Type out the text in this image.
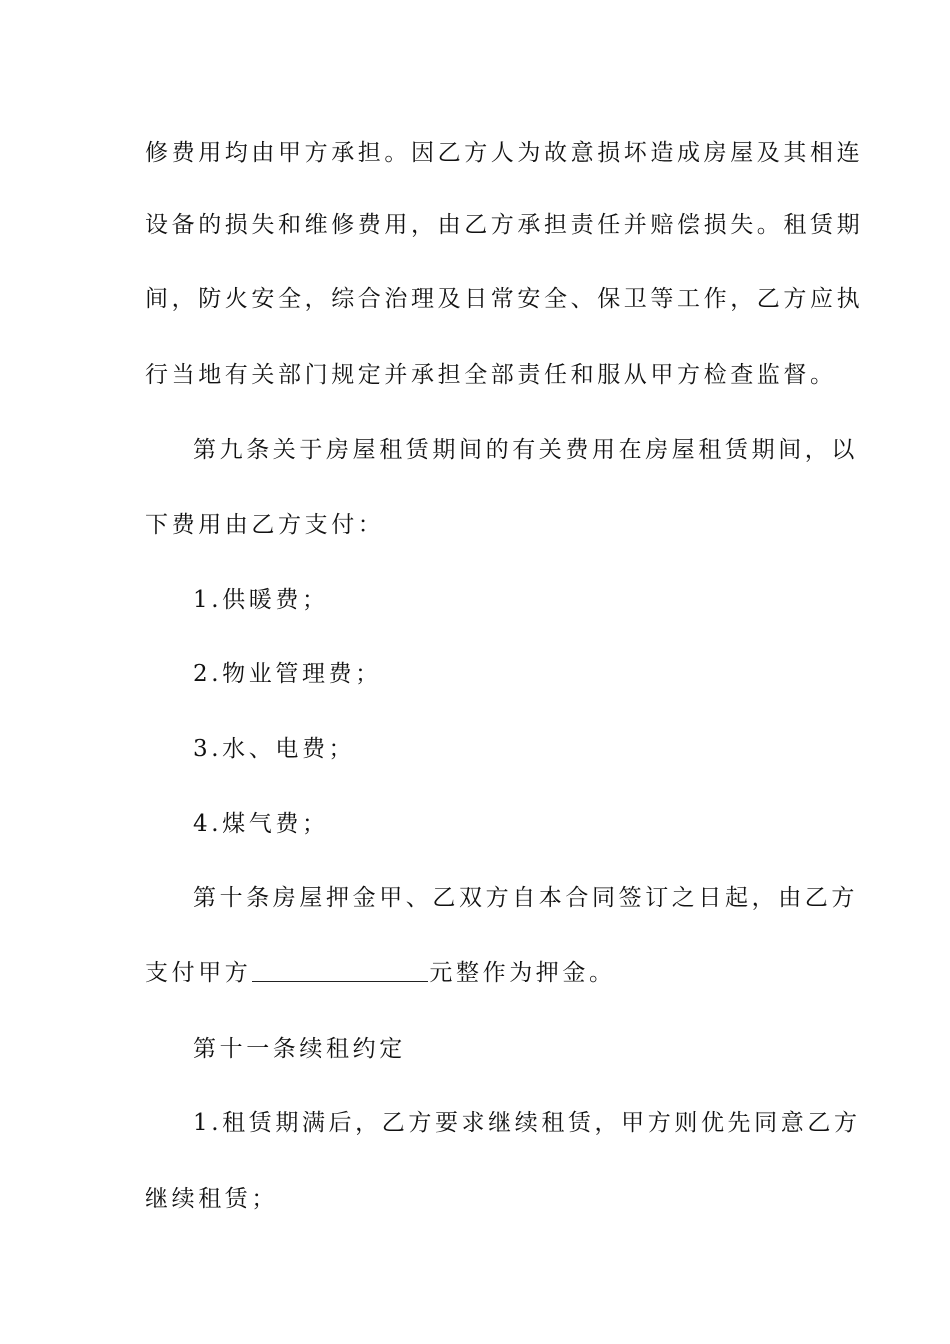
修费用均由甲方承担。因乙方人为故意损坏造成房屋及其相连
设备的损失和维修费用，由乙方承担责任并赔偿损失。租赁期
间，防火安全，综合治理及日常安全、保卫等工作，乙方应执
行当地有关部门规定并承担全部责任和服从甲方检查监督。
第九条关于房屋租赁期间的有关费用在房屋租赁期间，以
下费用由乙方支付：
1.供暖费；
2.物业管理费；
3.水、电费；
4.煤气费；
第十条房屋押金甲、乙双方自本合同签订之日起，由乙方
支付甲方	元整作为押金。
第十一条续租约定
1.租赁期满后，乙方要求继续租赁，甲方则优先同意乙方
继续租赁；
